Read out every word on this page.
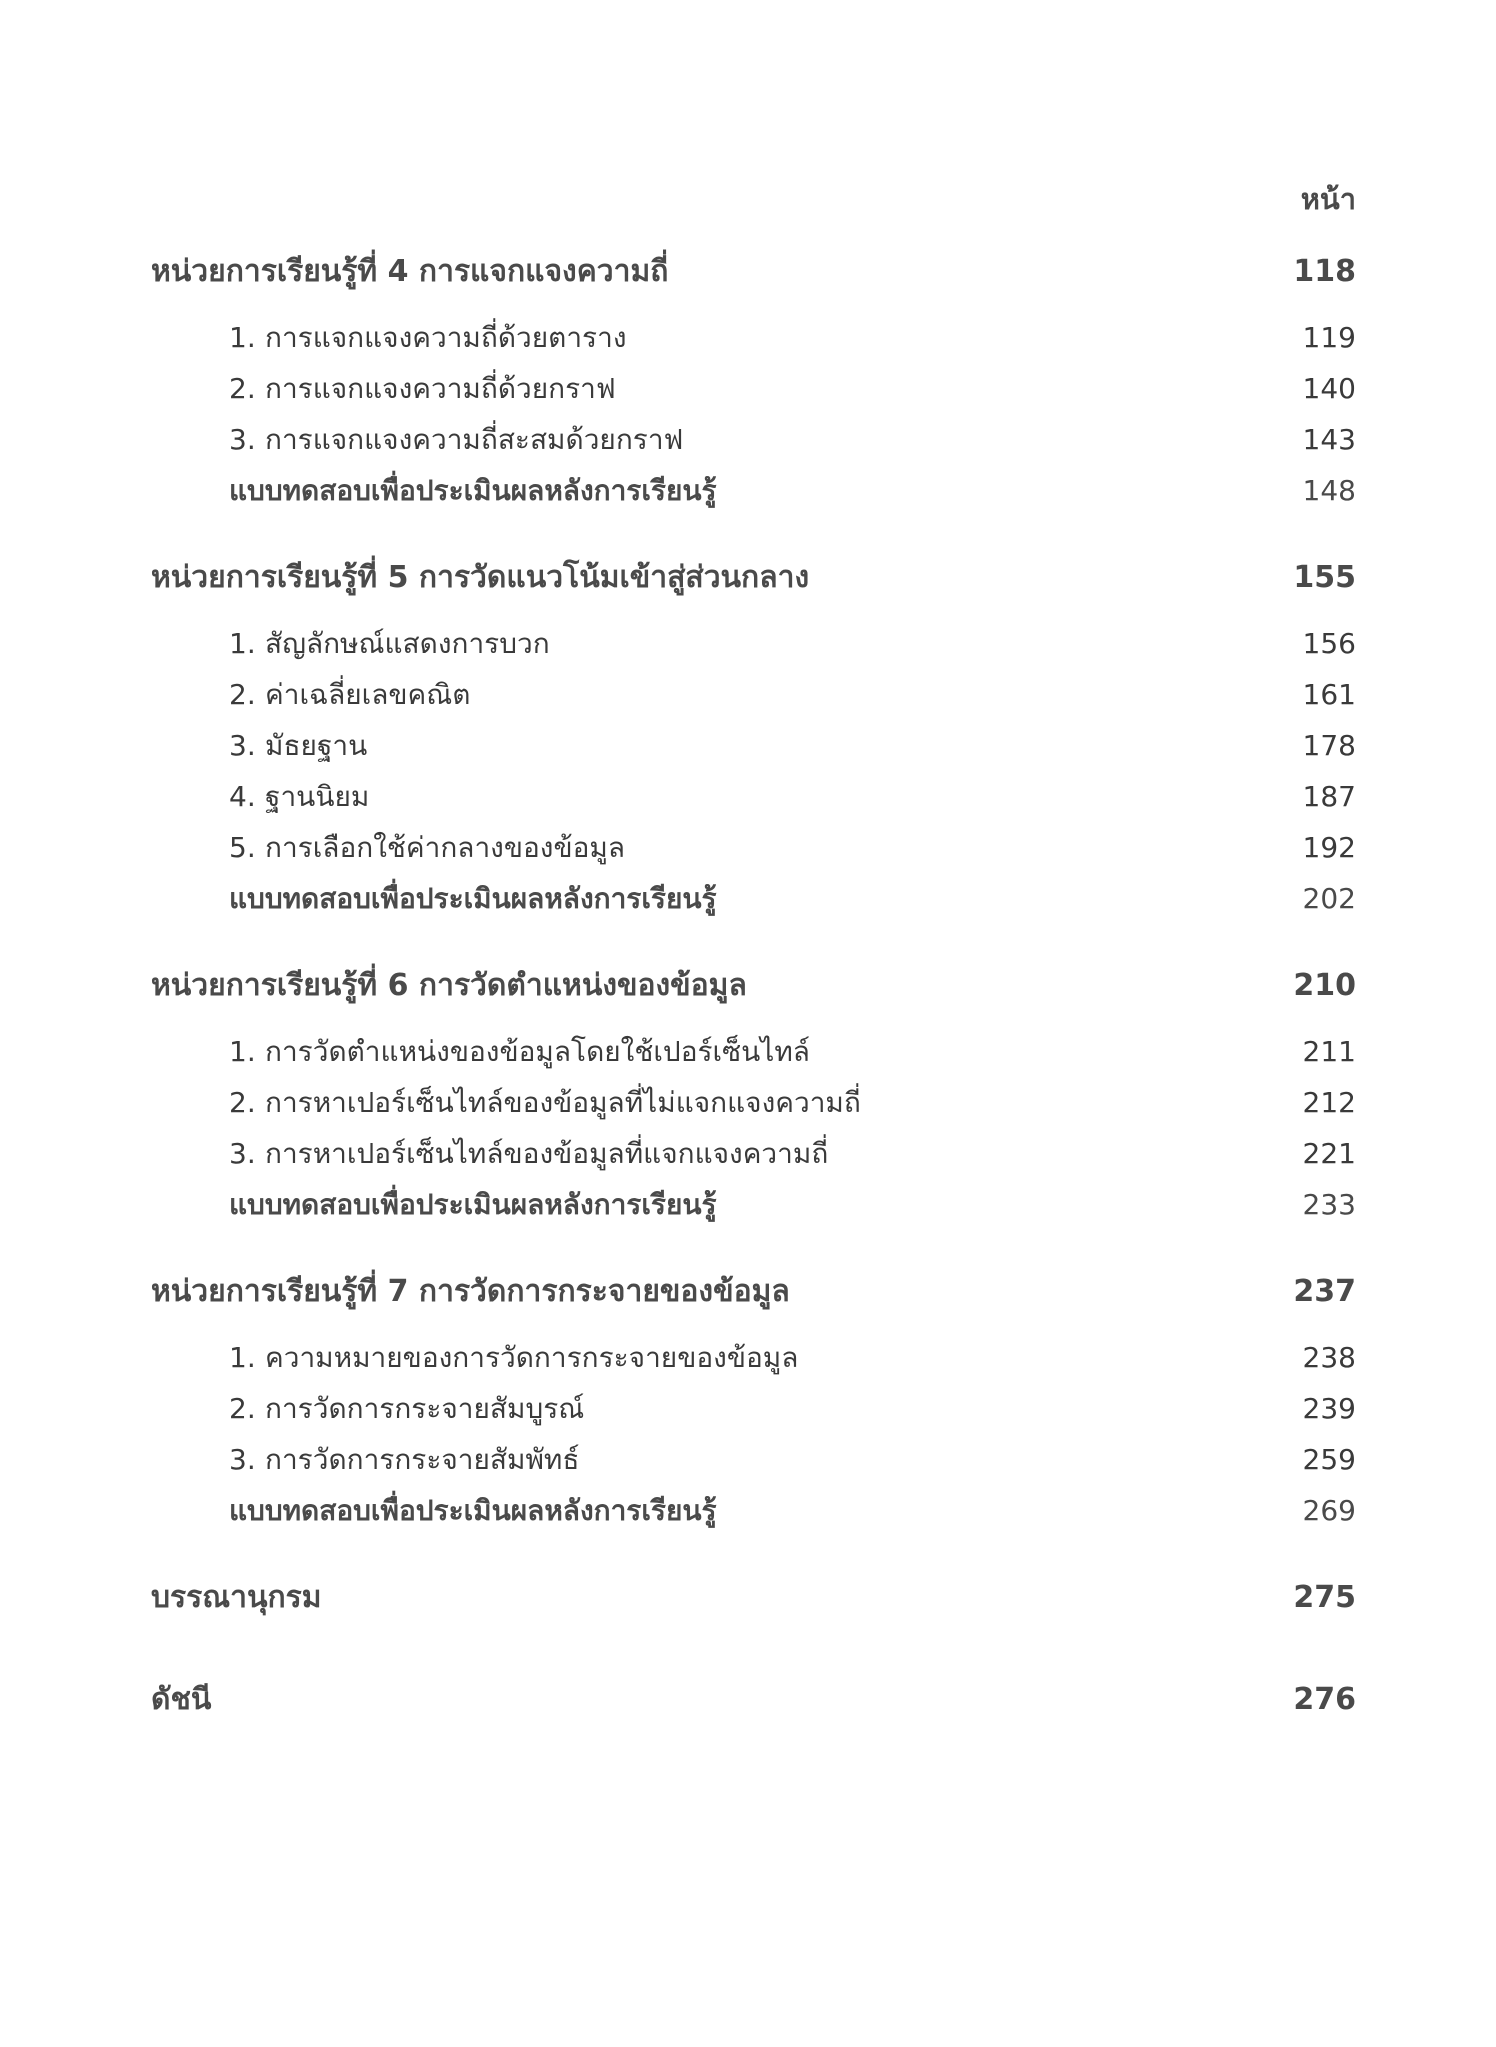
หน้า
หน่วยการเรียนรู้ที่ 4 การแจกแจงความถี่	118
1. การแจกแจงความถี่ด้วยตาราง	119
2. การแจกแจงความถี่ด้วยกราฟ	140
3. การแจกแจงความถี่สะสมด้วยกราฟ	143
แบบทดสอบเพื่อประเมินผลหลังการเรียนรู้	148
หน่วยการเรียนรู้ที่ 5 การวัดแนวโน้มเข้าสู่ส่วนกลาง	155
1. สัญลักษณ์แสดงการบวก	156
2. ค่าเฉลี่ยเลขคณิต	161
3. มัธยฐาน	178
4. ฐานนิยม	187
5. การเลือกใช้ค่ากลางของข้อมูล	192
แบบทดสอบเพื่อประเมินผลหลังการเรียนรู้	202
หน่วยการเรียนรู้ที่ 6 การวัดตำแหน่งของข้อมูล	210
1. การวัดตำแหน่งของข้อมูลโดยใช้เปอร์เซ็นไทล์	211
2. การหาเปอร์เซ็นไทล์ของข้อมูลที่ไม่แจกแจงความถี่	212
3. การหาเปอร์เซ็นไทล์ของข้อมูลที่แจกแจงความถี่	221
แบบทดสอบเพื่อประเมินผลหลังการเรียนรู้	233
หน่วยการเรียนรู้ที่ 7 การวัดการกระจายของข้อมูล	237
1. ความหมายของการวัดการกระจายของข้อมูล	238
2. การวัดการกระจายสัมบูรณ์	239
3. การวัดการกระจายสัมพัทธ์	259
แบบทดสอบเพื่อประเมินผลหลังการเรียนรู้	269
บรรณานุกรม	275
ดัชนี	276
